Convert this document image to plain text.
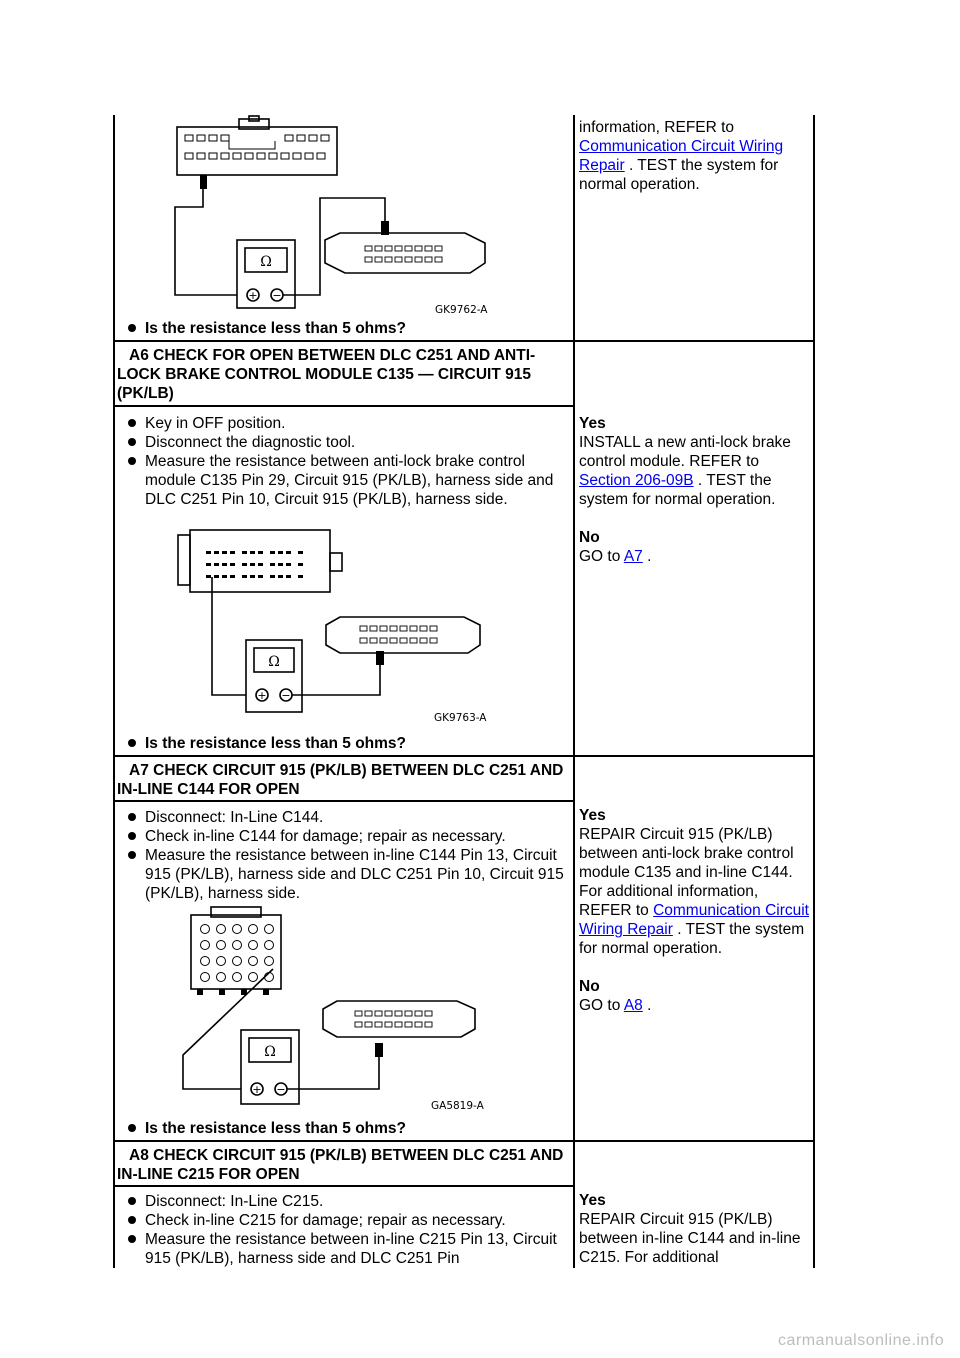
information, REFER to
Communication Circuit Wiring Repair . TEST the system for normal operation.
Ω
+ −
GK9762-A
Is the resistance less than 5 ohms?
A6 CHECK FOR OPEN BETWEEN DLC C251 AND ANTI-LOCK BRAKE CONTROL MODULE C135 — CIRCUIT 915 (PK/LB)
Key in OFF position.
Disconnect the diagnostic tool.
Measure the resistance between anti-lock brake control module C135 Pin 29, Circuit 915 (PK/LB), harness side and DLC C251 Pin 10, Circuit 915 (PK/LB), harness side.
Ω
+ −
GK9763-A
Is the resistance less than 5 ohms?
Yes
INSTALL a new anti-lock brake control module. REFER to
Section 206-09B . TEST the system for normal operation.
No
GO to A7 .
A7 CHECK CIRCUIT 915 (PK/LB) BETWEEN DLC C251 AND IN-LINE C144 FOR OPEN
Disconnect: In-Line C144.
Check in-line C144 for damage; repair as necessary.
Measure the resistance between in-line C144 Pin 13, Circuit 915 (PK/LB), harness side and DLC C251 Pin 10, Circuit 915 (PK/LB), harness side.
Ω
+ −
GA5819-A
Is the resistance less than 5 ohms?
Yes
REPAIR Circuit 915 (PK/LB) between anti-lock brake control module C135 and in-line C144. For additional information, REFER to Communication Circuit Wiring Repair . TEST the system for normal operation.
No
GO to A8 .
A8 CHECK CIRCUIT 915 (PK/LB) BETWEEN DLC C251 AND IN-LINE C215 FOR OPEN
Disconnect: In-Line C215.
Check in-line C215 for damage; repair as necessary.
Measure the resistance between in-line C215 Pin 13, Circuit 915 (PK/LB), harness side and DLC C251 Pin
Yes
REPAIR Circuit 915 (PK/LB) between in-line C144 and in-line C215. For additional
carmanualsonline.info
